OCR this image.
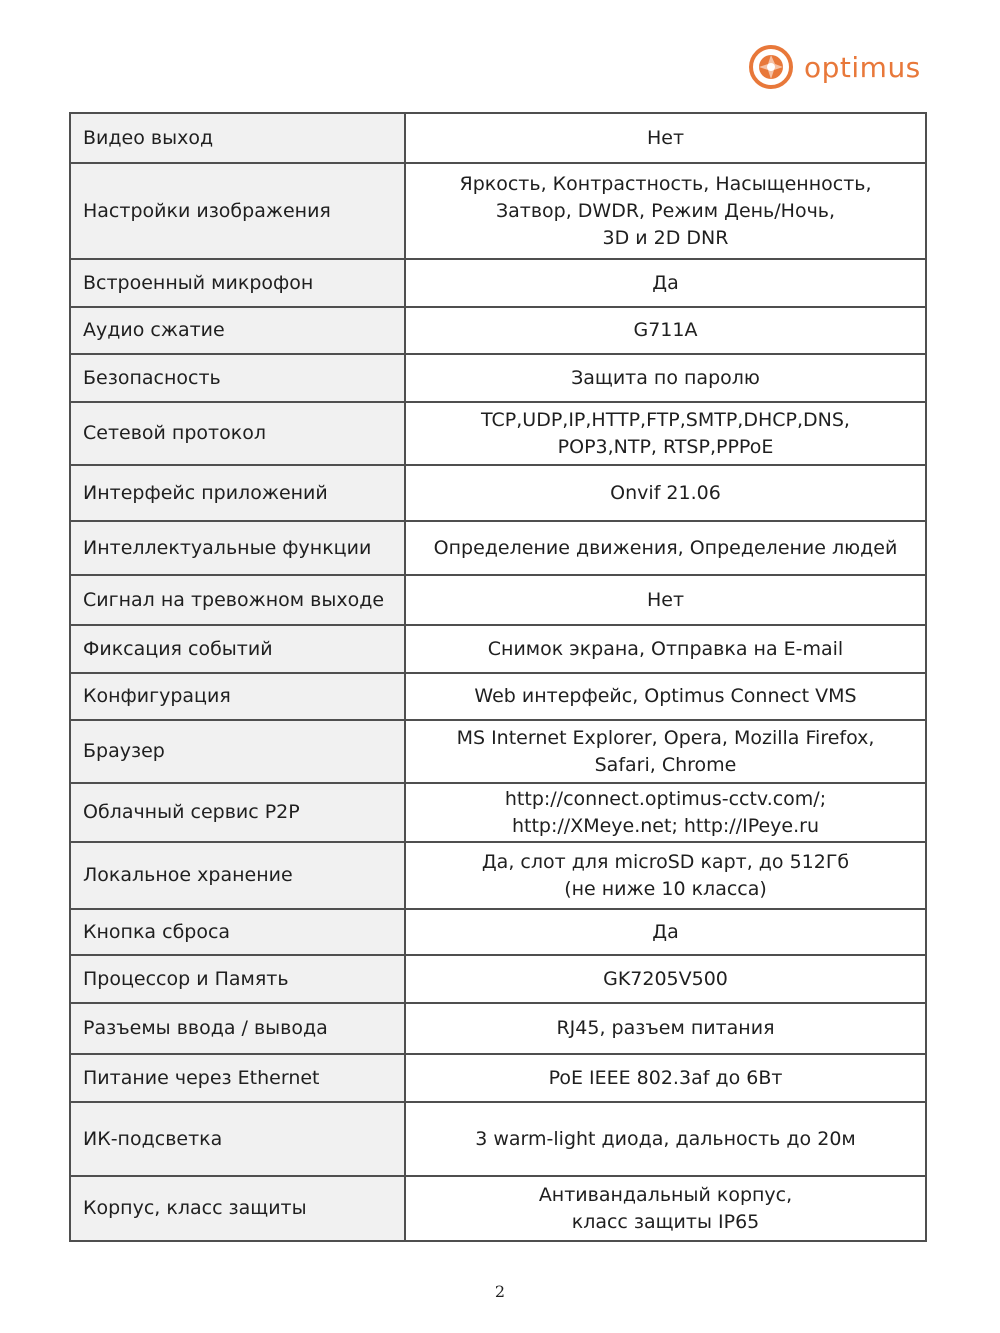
optimus
Видео выход	Нет

Настройки изображения	Яркость, Контрастность, Насыщенность,
Затвор, DWDR, Режим День/Ночь,
3D и 2D DNR

Встроенный микрофон	Да

Аудио сжатие	G711A

Безопасность	Защита по паролю

Сетевой протокол	TCP,UDP,IP,HTTP,FTP,SMTP,DHCP,DNS,
POP3,NTP, RTSP,PPPoE

Интерфейс приложений	Onvif 21.06

Интеллектуальные функции	Определение движения, Определение людей

Сигнал на тревожном выходе	Нет

Фиксация событий	Снимок экрана, Отправка на E-mail

Конфигурация	Web интерфейс, Optimus Connect VMS

Браузер	MS Internet Explorer, Opera, Mozilla Firefox,
Safari, Chrome

Облачный сервис P2P	http://connect.optimus-cctv.com/;
http://XMeye.net; http://IPeye.ru

Локальное хранение	Да, слот для microSD карт, до 512Гб
(не ниже 10 класса)

Кнопка сброса	Да

Процессор и Память	GK7205V500

Разъемы ввода / вывода	RJ45, разъем питания

Питание через Ethernet	PoE IEEE 802.3af до 6Вт

ИК-подсветка	3 warm-light диода, дальность до 20м

Корпус, класс защиты	Антивандальный корпус,
класс защиты IP65
2
